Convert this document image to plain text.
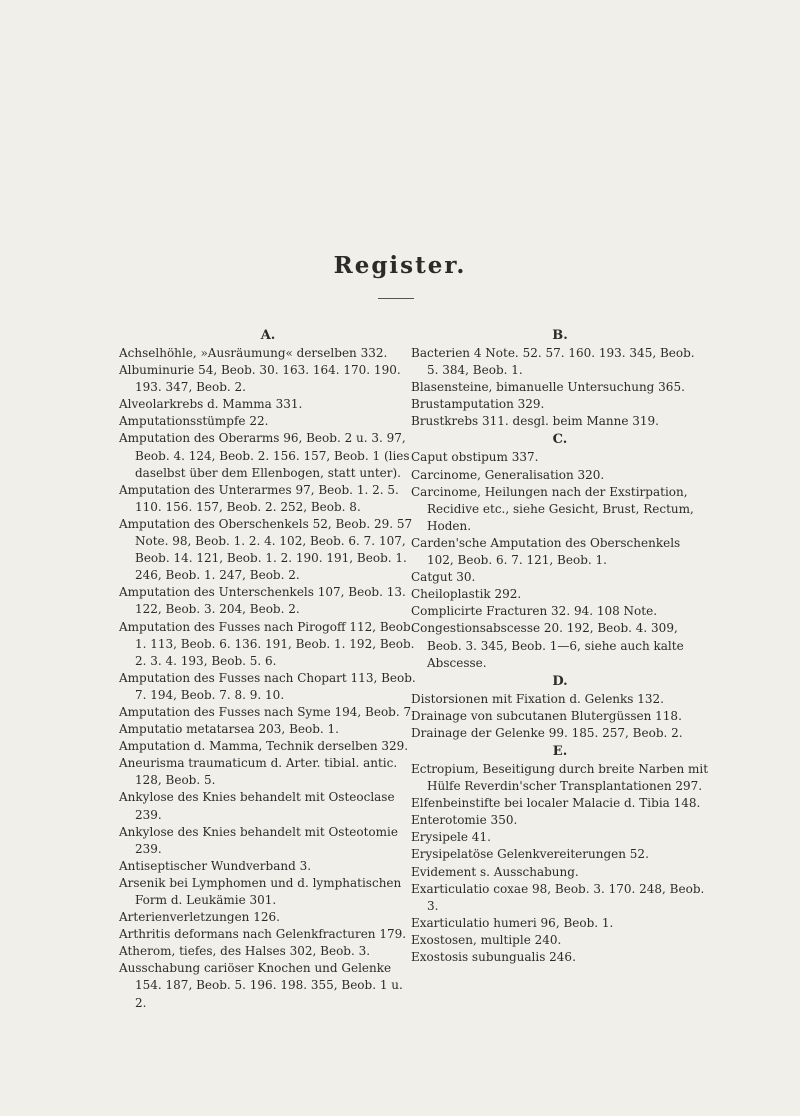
Register.
A.
Achselhöhle, »Ausräumung« derselben 332.
Albuminurie 54, Beob. 30. 163. 164. 170. 190. 193. 347, Beob. 2.
Alveolarkrebs d. Mamma 331.
Amputationsstümpfe 22.
Amputation des Oberarms 96, Beob. 2 u. 3. 97, Beob. 4. 124, Beob. 2. 156. 157, Beob. 1 (lies daselbst über dem Ellenbogen, statt unter).
Amputation des Unterarmes 97, Beob. 1. 2. 5. 110. 156. 157, Beob. 2. 252, Beob. 8.
Amputation des Oberschenkels 52, Beob. 29. 57 Note. 98, Beob. 1. 2. 4. 102, Beob. 6. 7. 107, Beob. 14. 121, Beob. 1. 2. 190. 191, Beob. 1. 246, Beob. 1. 247, Beob. 2.
Amputation des Unterschenkels 107, Beob. 13. 122, Beob. 3. 204, Beob. 2.
Amputation des Fusses nach Pirogoff 112, Beob. 1. 113, Beob. 6. 136. 191, Beob. 1. 192, Beob. 2. 3. 4. 193, Beob. 5. 6.
Amputation des Fusses nach Chopart 113, Beob. 7. 194, Beob. 7. 8. 9. 10.
Amputation des Fusses nach Syme 194, Beob. 7.
Amputatio metatarsea 203, Beob. 1.
Amputation d. Mamma, Technik derselben 329.
Aneurisma traumaticum d. Arter. tibial. antic. 128, Beob. 5.
Ankylose des Knies behandelt mit Osteoclase 239.
Ankylose des Knies behandelt mit Osteotomie 239.
Antiseptischer Wundverband 3.
Arsenik bei Lymphomen und d. lymphatischen Form d. Leukämie 301.
Arterienverletzungen 126.
Arthritis deformans nach Gelenkfracturen 179.
Atherom, tiefes, des Halses 302, Beob. 3.
Ausschabung cariöser Knochen und Gelenke 154. 187, Beob. 5. 196. 198. 355, Beob. 1 u. 2.
B.
Bacterien 4 Note. 52. 57. 160. 193. 345, Beob. 5. 384, Beob. 1.
Blasensteine, bimanuelle Untersuchung 365.
Brustamputation 329.
Brustkrebs 311. desgl. beim Manne 319.
C.
Caput obstipum 337.
Carcinome, Generalisation 320.
Carcinome, Heilungen nach der Exstirpation, Recidive etc., siehe Gesicht, Brust, Rectum, Hoden.
Carden'sche Amputation des Oberschenkels 102, Beob. 6. 7. 121, Beob. 1.
Catgut 30.
Cheiloplastik 292.
Complicirte Fracturen 32. 94. 108 Note.
Congestionsabscesse 20. 192, Beob. 4. 309, Beob. 3. 345, Beob. 1—6, siehe auch kalte Abscesse.
D.
Distorsionen mit Fixation d. Gelenks 132.
Drainage von subcutanen Blutergüssen 118.
Drainage der Gelenke 99. 185. 257, Beob. 2.
E.
Ectropium, Beseitigung durch breite Narben mit Hülfe Reverdin'scher Transplantationen 297.
Elfenbeinstifte bei localer Malacie d. Tibia 148.
Enterotomie 350.
Erysipele 41.
Erysipelatöse Gelenkvereiterungen 52.
Evidement s. Ausschabung.
Exarticulatio coxae 98, Beob. 3. 170. 248, Beob. 3.
Exarticulatio humeri 96, Beob. 1.
Exostosen, multiple 240.
Exostosis subungualis 246.
